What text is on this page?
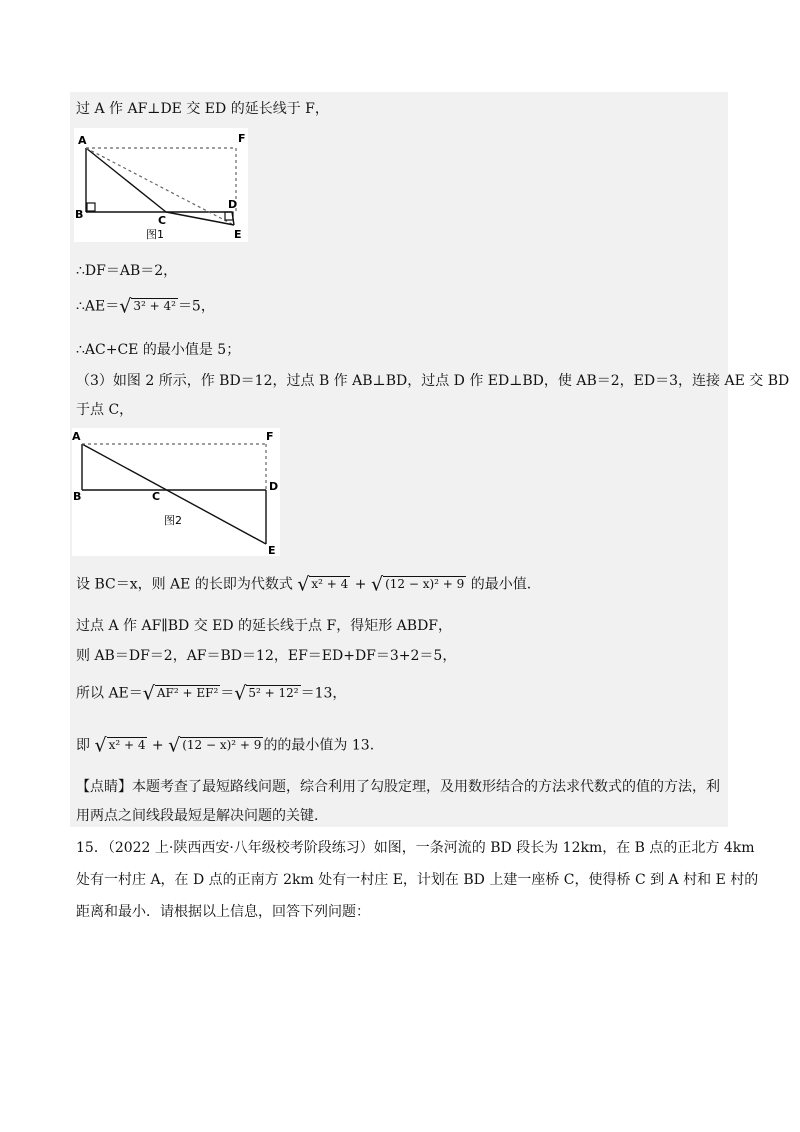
过 A 作 AF⊥DE 交 ED 的延长线于 F，
A	F
B	C
D
E
图1
∴DF＝AB＝2，
∴AE＝√ 3² + 4² ＝5，
∴AC+CE 的最小值是 5；
（3）如图 2 所示，作 BD＝12，过点 B 作 AB⊥BD，过点 D 作 ED⊥BD，使 AB＝2，ED＝3，连接 AE 交 BD
于点 C，
A	F
B	C
D
E
图2
设 BC＝x，则 AE 的长即为代数式 √ x² + 4 + √ (12 − x)² + 9 的最小值.
过点 A 作 AF∥BD 交 ED 的延长线于点 F，得矩形 ABDF，
则 AB＝DF＝2，AF＝BD＝12，EF＝ED+DF＝3+2＝5，
所以 AE＝√ AF² + EF² ＝√ 5² + 12² ＝13，
即 √ x² + 4 + √ (12 − x)² + 9 的的最小值为 13.
【点睛】本题考查了最短路线问题，综合利用了勾股定理，及用数形结合的方法求代数式的值的方法，利
用两点之间线段最短是解决问题的关键.
15．（2022 上·陕西西安·八年级校考阶段练习）如图，一条河流的 BD 段长为 12km，在 B 点的正北方 4km
处有一村庄 A，在 D 点的正南方 2km 处有一村庄 E，计划在 BD 上建一座桥 C，使得桥 C 到 A 村和 E 村的
距离和最小．请根据以上信息，回答下列问题：
